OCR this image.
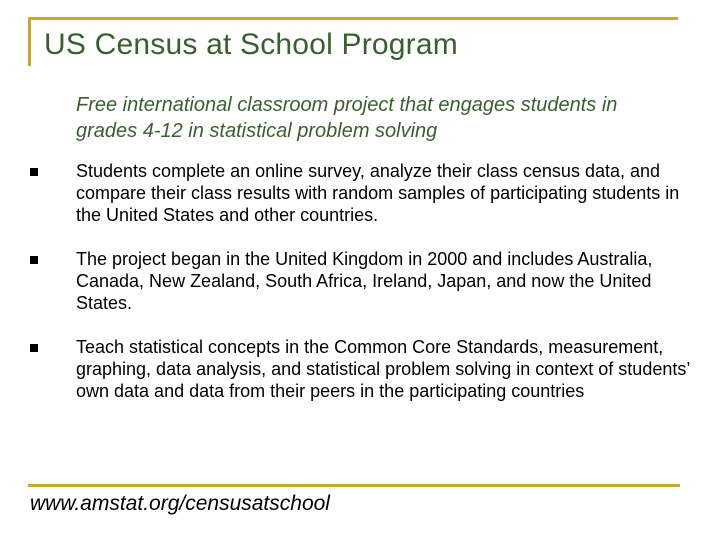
US Census at School Program

Free international classroom project that engages students in grades 4-12 in statistical problem solving

Students complete an online survey, analyze their class census data, and compare their class results with random samples of participating students in the United States and other countries.
The project began in the United Kingdom in 2000 and includes Australia, Canada, New Zealand, South Africa, Ireland, Japan, and now the United States.
Teach statistical concepts in the Common Core Standards, measurement, graphing, data analysis, and statistical problem solving in context of students’ own data and data from their peers in the participating countries

www.amstat.org/censusatschool
